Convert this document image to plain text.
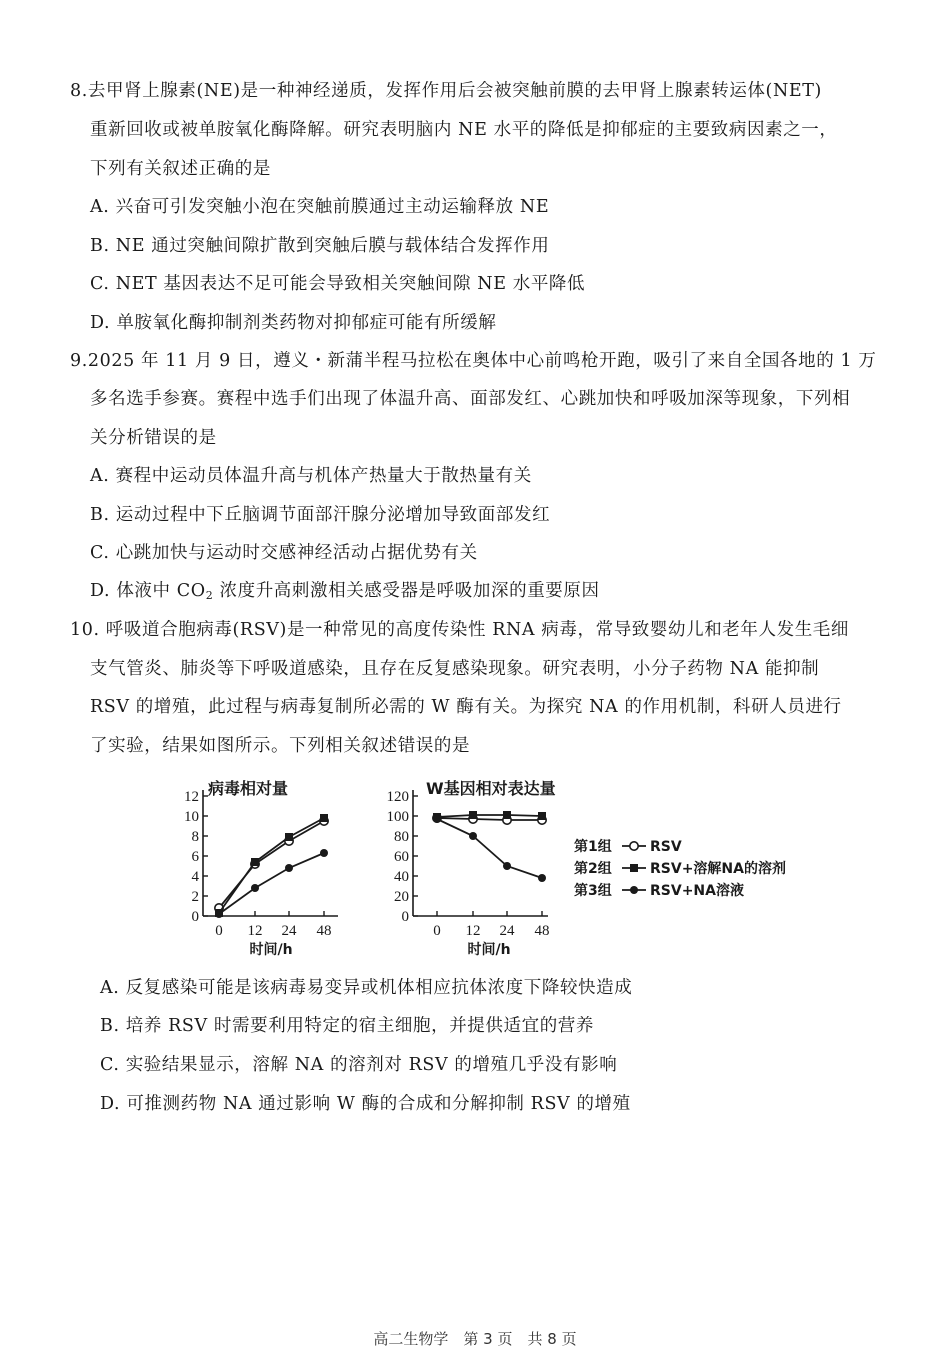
8.去甲肾上腺素(NE)是一种神经递质，发挥作用后会被突触前膜的去甲肾上腺素转运体(NET)
重新回收或被单胺氧化酶降解。研究表明脑内 NE 水平的降低是抑郁症的主要致病因素之一，
下列有关叙述正确的是
A. 兴奋可引发突触小泡在突触前膜通过主动运输释放 NE
B. NE 通过突触间隙扩散到突触后膜与载体结合发挥作用
C. NET 基因表达不足可能会导致相关突触间隙 NE 水平降低
D. 单胺氧化酶抑制剂类药物对抑郁症可能有所缓解
9.2025 年 11 月 9 日，遵义・新蒲半程马拉松在奥体中心前鸣枪开跑，吸引了来自全国各地的 1 万
多名选手参赛。赛程中选手们出现了体温升高、面部发红、心跳加快和呼吸加深等现象，下列相
关分析错误的是
A. 赛程中运动员体温升高与机体产热量大于散热量有关
B. 运动过程中下丘脑调节面部汗腺分泌增加导致面部发红
C. 心跳加快与运动时交感神经活动占据优势有关
D. 体液中 $CO_2$ 浓度升高刺激相关感受器是呼吸加深的重要原因
10. 呼吸道合胞病毒(RSV)是一种常见的高度传染性 RNA 病毒，常导致婴幼儿和老年人发生毛细
支气管炎、肺炎等下呼吸道感染，且存在反复感染现象。研究表明，小分子药物 NA 能抑制
RSV 的增殖，此过程与病毒复制所必需的 W 酶有关。为探究 NA 的作用机制，科研人员进行
了实验，结果如图所示。下列相关叙述错误的是
0
2
4
6
8
10
12
0 12 24 48
病毒相对量
时间/h
0
20
40
60
80
100
120
0 12 24 48
W基因相对表达量
时间/h
第1组	RSV
第2组	RSV+溶解NA的溶剂
第3组	RSV+NA溶液
A. 反复感染可能是该病毒易变异或机体相应抗体浓度下降较快造成
B. 培养 RSV 时需要利用特定的宿主细胞，并提供适宜的营养
C. 实验结果显示，溶解 NA 的溶剂对 RSV 的增殖几乎没有影响
D. 可推测药物 NA 通过影响 W 酶的合成和分解抑制 RSV 的增殖
高二生物学　第 3 页　共 8 页
